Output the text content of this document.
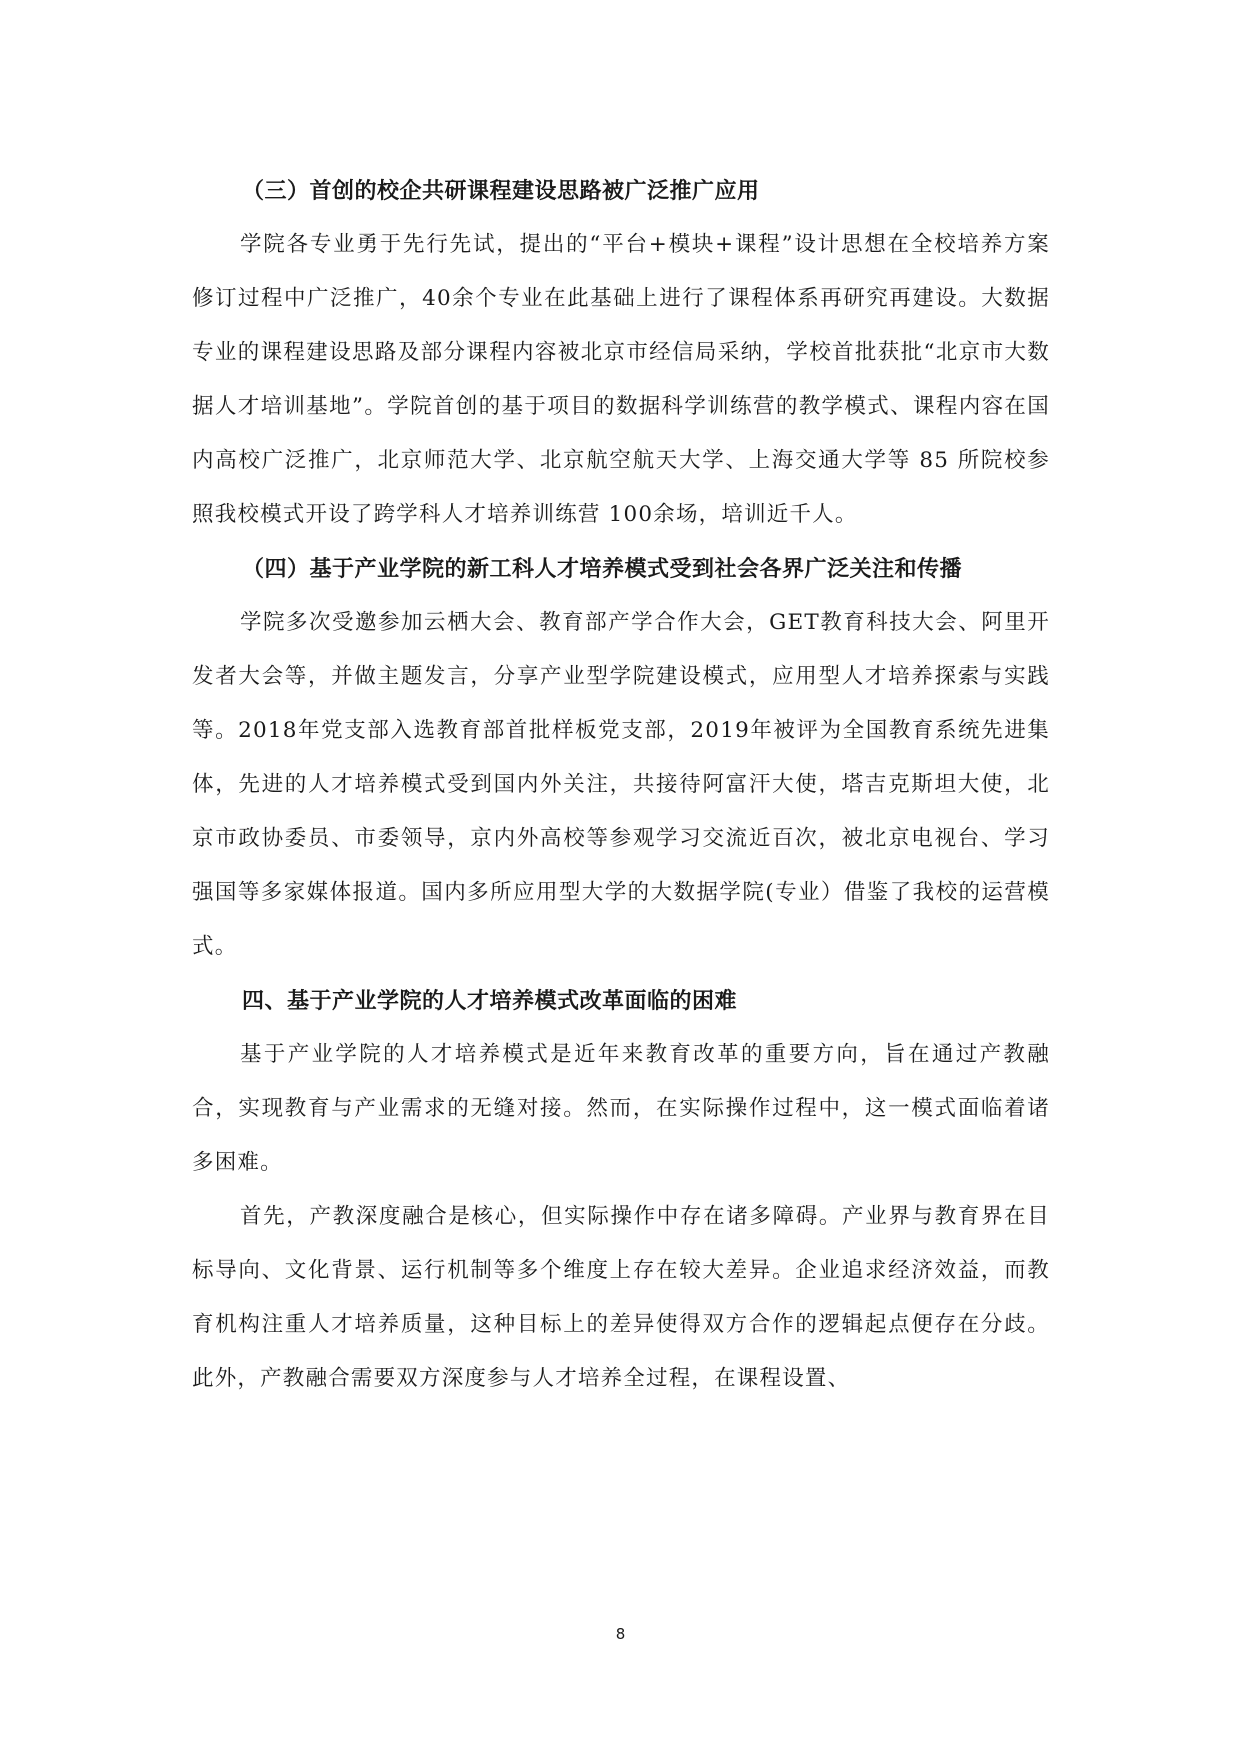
（三）首创的校企共研课程建设思路被广泛推广应用

学院各专业勇于先行先试，提出的“平台+模块+课程”设计思想在全校培养方案修订过程中广泛推广，40余个专业在此基础上进行了课程体系再研究再建设。大数据专业的课程建设思路及部分课程内容被北京市经信局采纳，学校首批获批“北京市大数据人才培训基地”。学院首创的基于项目的数据科学训练营的教学模式、课程内容在国内高校广泛推广，北京师范大学、北京航空航天大学、上海交通大学等 85 所院校参照我校模式开设了跨学科人才培养训练营 100余场，培训近千人。

（四）基于产业学院的新工科人才培养模式受到社会各界广泛关注和传播

学院多次受邀参加云栖大会、教育部产学合作大会，GET教育科技大会、阿里开发者大会等，并做主题发言，分享产业型学院建设模式，应用型人才培养探索与实践等。2018年党支部入选教育部首批样板党支部，2019年被评为全国教育系统先进集体，先进的人才培养模式受到国内外关注，共接待阿富汗大使，塔吉克斯坦大使，北京市政协委员、市委领导，京内外高校等参观学习交流近百次，被北京电视台、学习强国等多家媒体报道。国内多所应用型大学的大数据学院(专业）借鉴了我校的运营模式。

四、基于产业学院的人才培养模式改革面临的困难

基于产业学院的人才培养模式是近年来教育改革的重要方向，旨在通过产教融合，实现教育与产业需求的无缝对接。然而，在实际操作过程中，这一模式面临着诸多困难。

首先，产教深度融合是核心，但实际操作中存在诸多障碍。产业界与教育界在目标导向、文化背景、运行机制等多个维度上存在较大差异。企业追求经济效益，而教育机构注重人才培养质量，这种目标上的差异使得双方合作的逻辑起点便存在分歧。此外，产教融合需要双方深度参与人才培养全过程，在课程设置、

8
